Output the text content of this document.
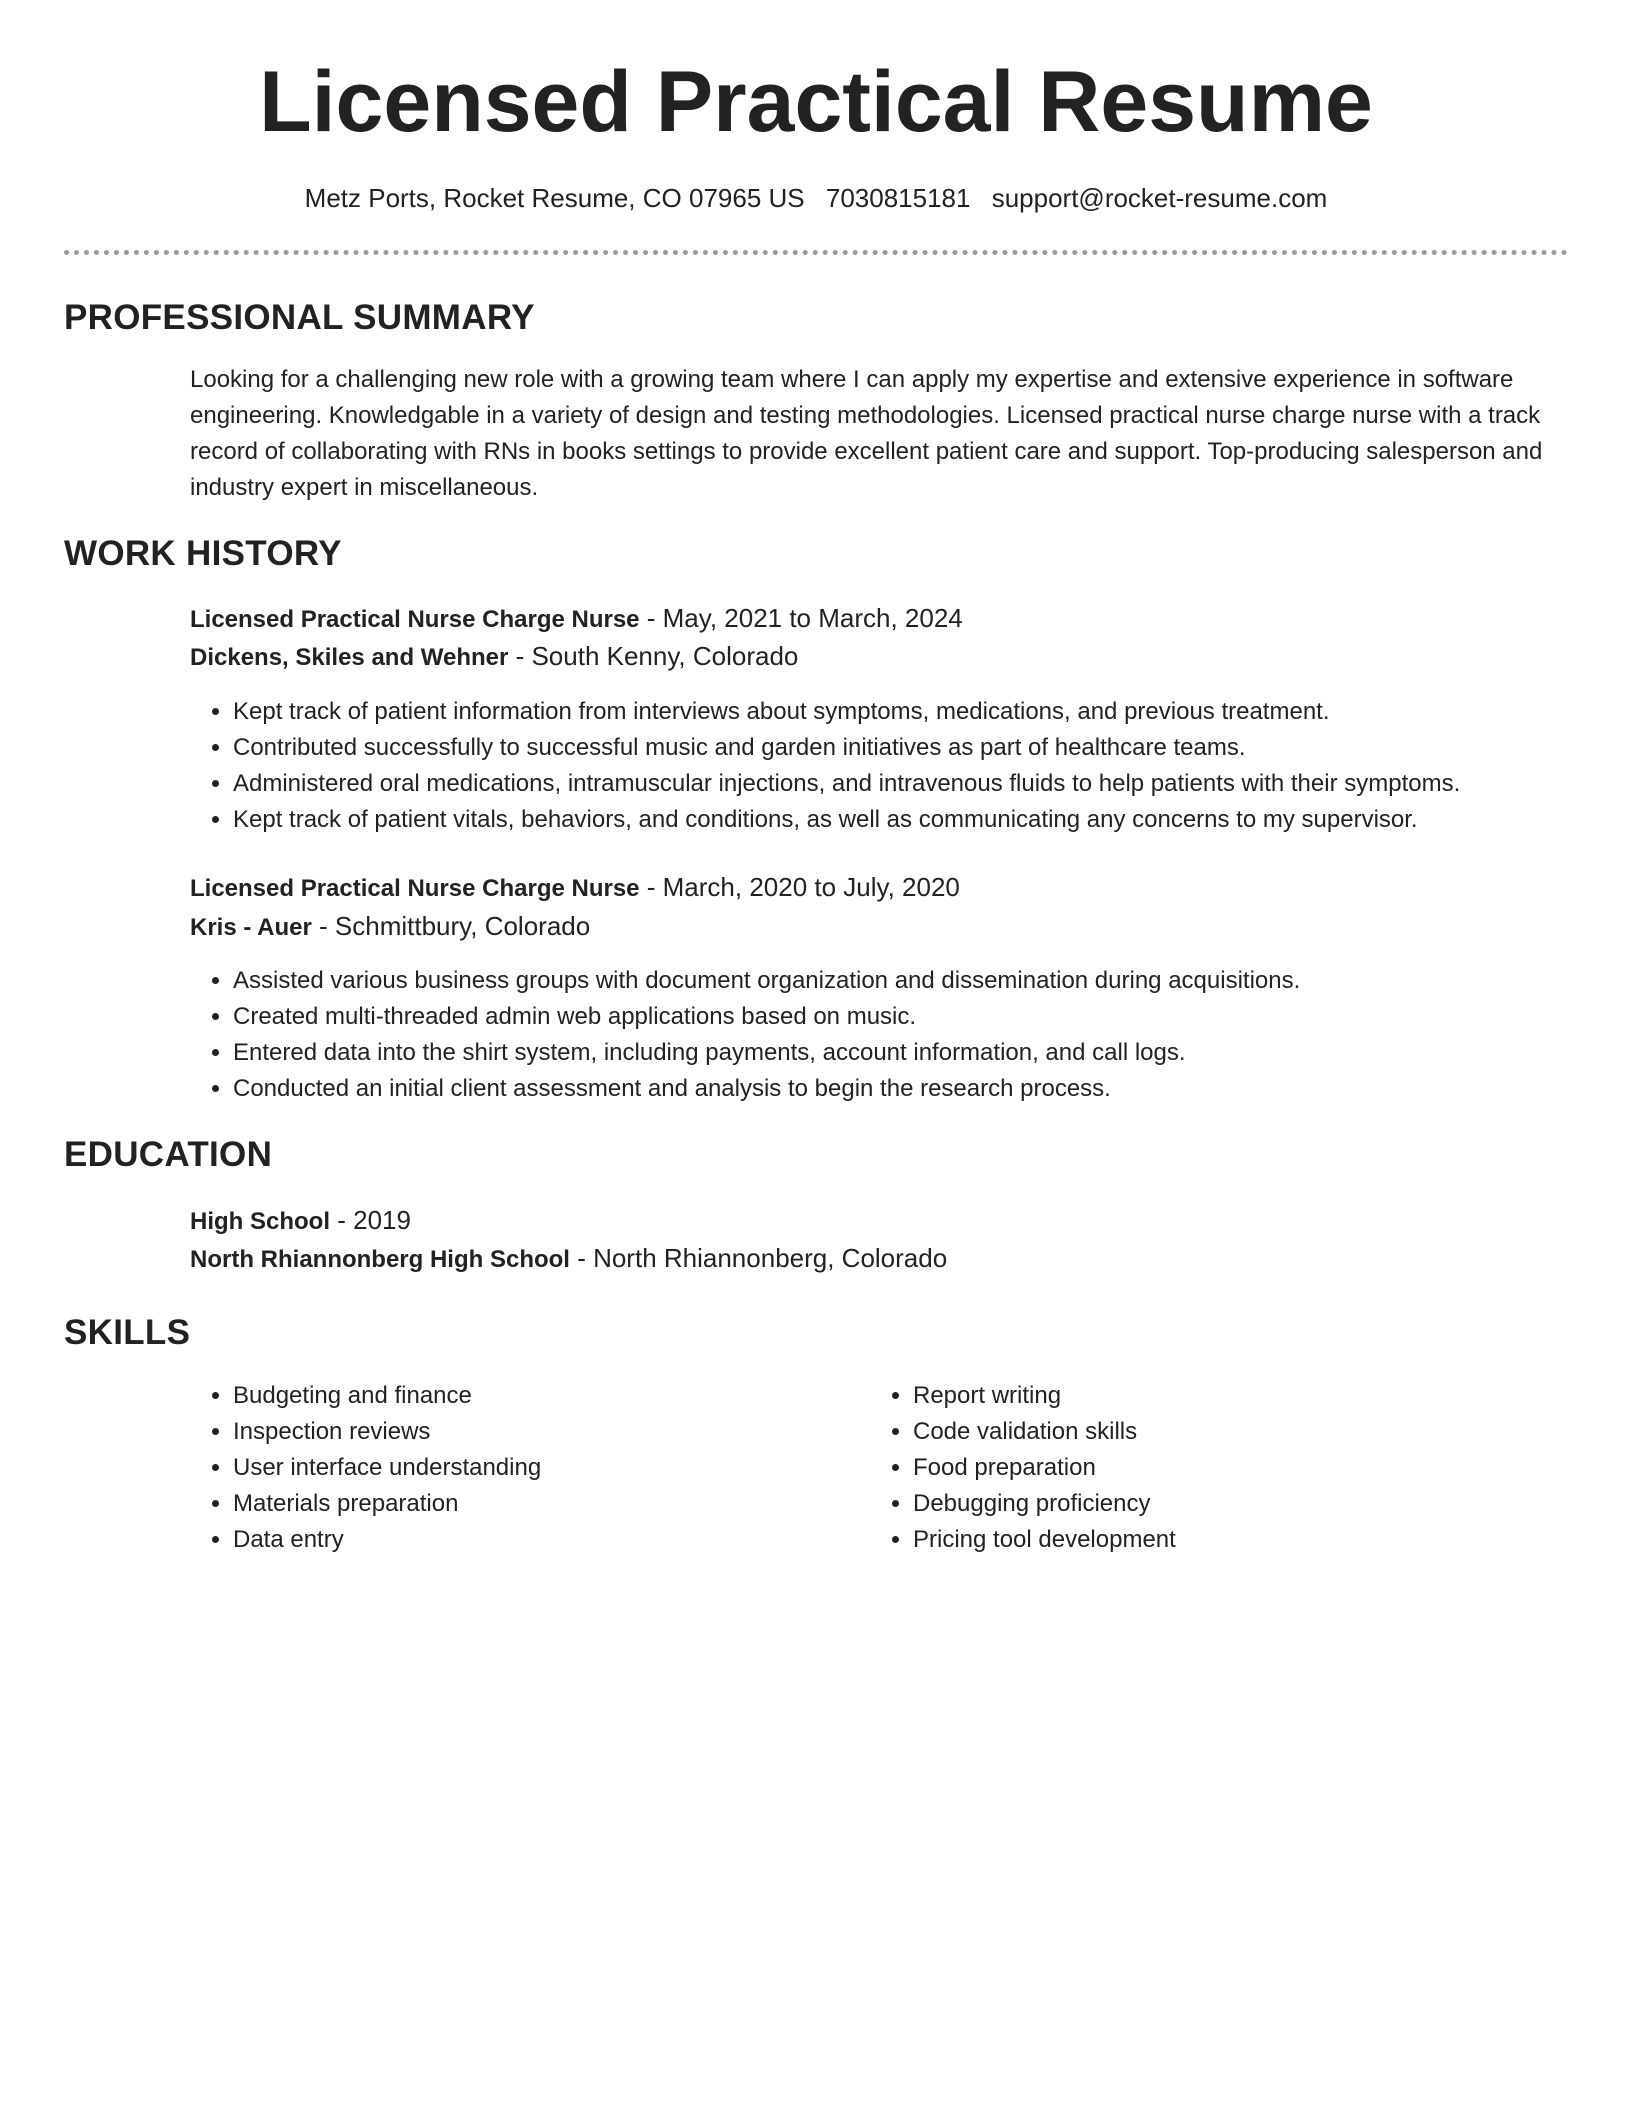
Licensed Practical Resume
Metz Ports, Rocket Resume, CO 07965 US 7030815181 support@rocket-resume.com
PROFESSIONAL SUMMARY
Looking for a challenging new role with a growing team where I can apply my expertise and extensive experience in software engineering. Knowledgable in a variety of design and testing methodologies. Licensed practical nurse charge nurse with a track record of collaborating with RNs in books settings to provide excellent patient care and support. Top-producing salesperson and industry expert in miscellaneous.
WORK HISTORY
Licensed Practical Nurse Charge Nurse - May, 2021 to March, 2024
Dickens, Skiles and Wehner - South Kenny, Colorado
• Kept track of patient information from interviews about symptoms, medications, and previous treatment.
• Contributed successfully to successful music and garden initiatives as part of healthcare teams.
• Administered oral medications, intramuscular injections, and intravenous fluids to help patients with their symptoms.
• Kept track of patient vitals, behaviors, and conditions, as well as communicating any concerns to my supervisor.
Licensed Practical Nurse Charge Nurse - March, 2020 to July, 2020
Kris - Auer - Schmittbury, Colorado
• Assisted various business groups with document organization and dissemination during acquisitions.
• Created multi-threaded admin web applications based on music.
• Entered data into the shirt system, including payments, account information, and call logs.
• Conducted an initial client assessment and analysis to begin the research process.
EDUCATION
High School - 2019
North Rhiannonberg High School - North Rhiannonberg, Colorado
SKILLS
• Budgeting and finance
• Inspection reviews
• User interface understanding
• Materials preparation
• Data entry
• Report writing
• Code validation skills
• Food preparation
• Debugging proficiency
• Pricing tool development
